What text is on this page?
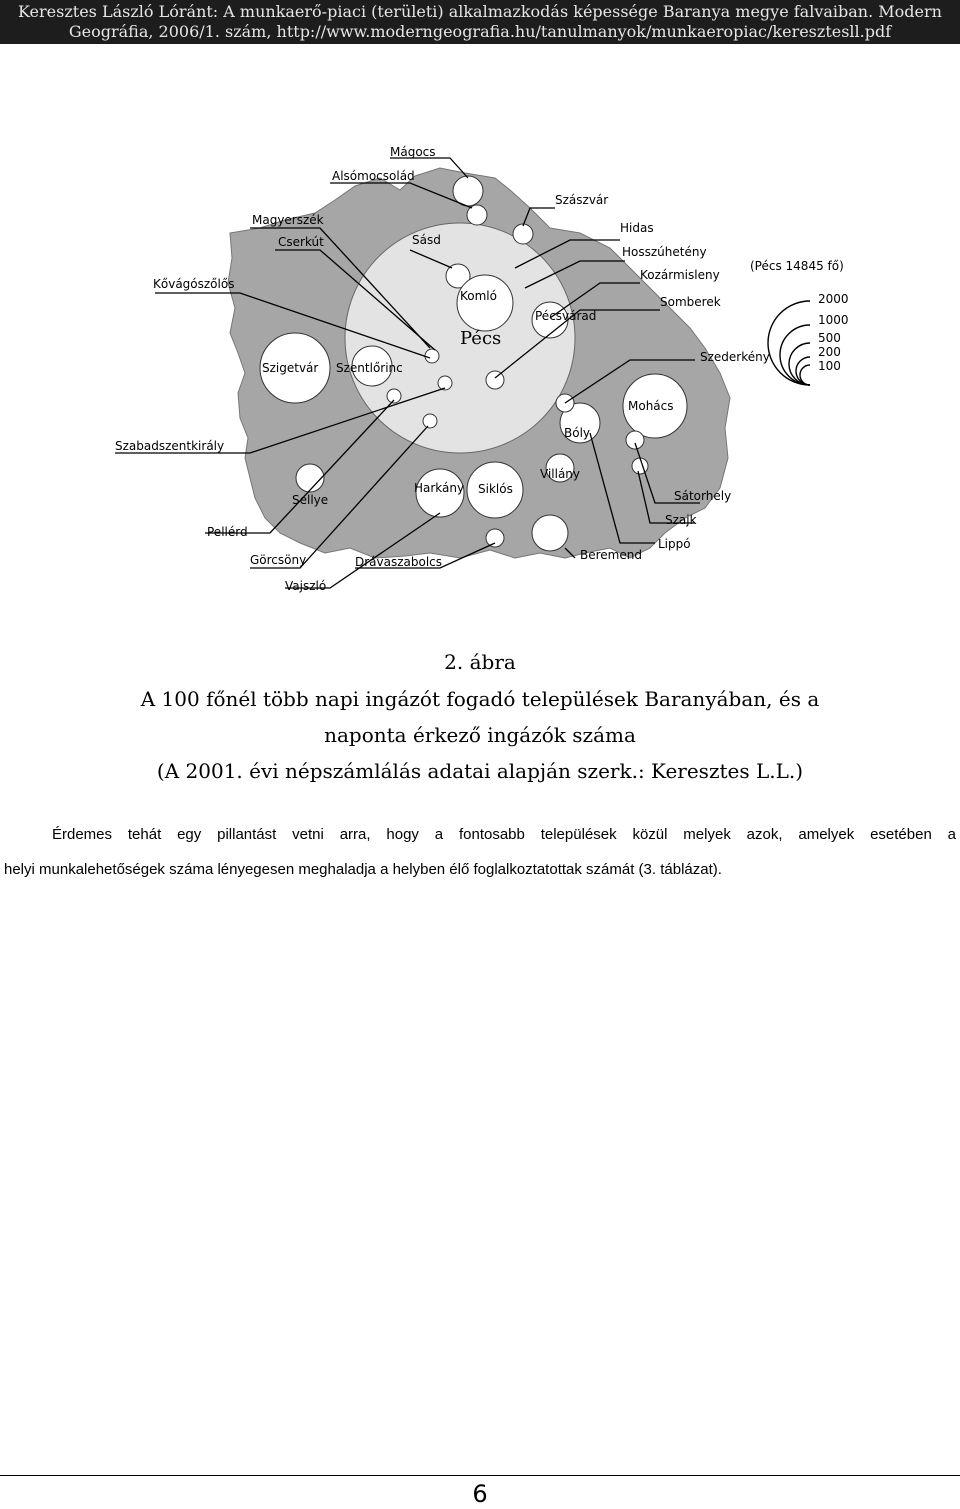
Keresztes László Lóránt: A munkaerő-piaci (területi) alkalmazkodás képessége Baranya megye falvaiban. Modern
Geográfia, 2006/1. szám, http://www.moderngeografia.hu/tanulmanyok/munkaeropiac/keresztesll.pdf
Mágocs
Alsómocsolád
Szászvár
Magyerszék
Hidas
Cserkút	Sásd
Hosszúhetény
Kozármisleny
Kővágószőlős
Komló	Somberek
Pécsvárad
Pécs
Szederkény
Szigetvár Szentlőrinc
Mohács
Bóly
Szabadszentkirály
Villány
Harkány Siklós	Sátorhely
Sellye
Szajk
Pellérd
Lippó
Görcsöny	Drávaszabolcs	Beremend
Vajszló
(Pécs 14845 fő)
2000
1000
500
200
100
2. ábra
A 100 főnél több napi ingázót fogadó települések Baranyában, és a
naponta érkező ingázók száma
(A 2001. évi népszámlálás adatai alapján szerk.: Keresztes L.L.)
Érdemes tehát egy pillantást vetni arra, hogy a fontosabb települések közül melyek azok, amelyek esetében a
helyi munkalehetőségek száma lényegesen meghaladja a helyben élő foglalkoztatottak számát (3. táblázat).
6
